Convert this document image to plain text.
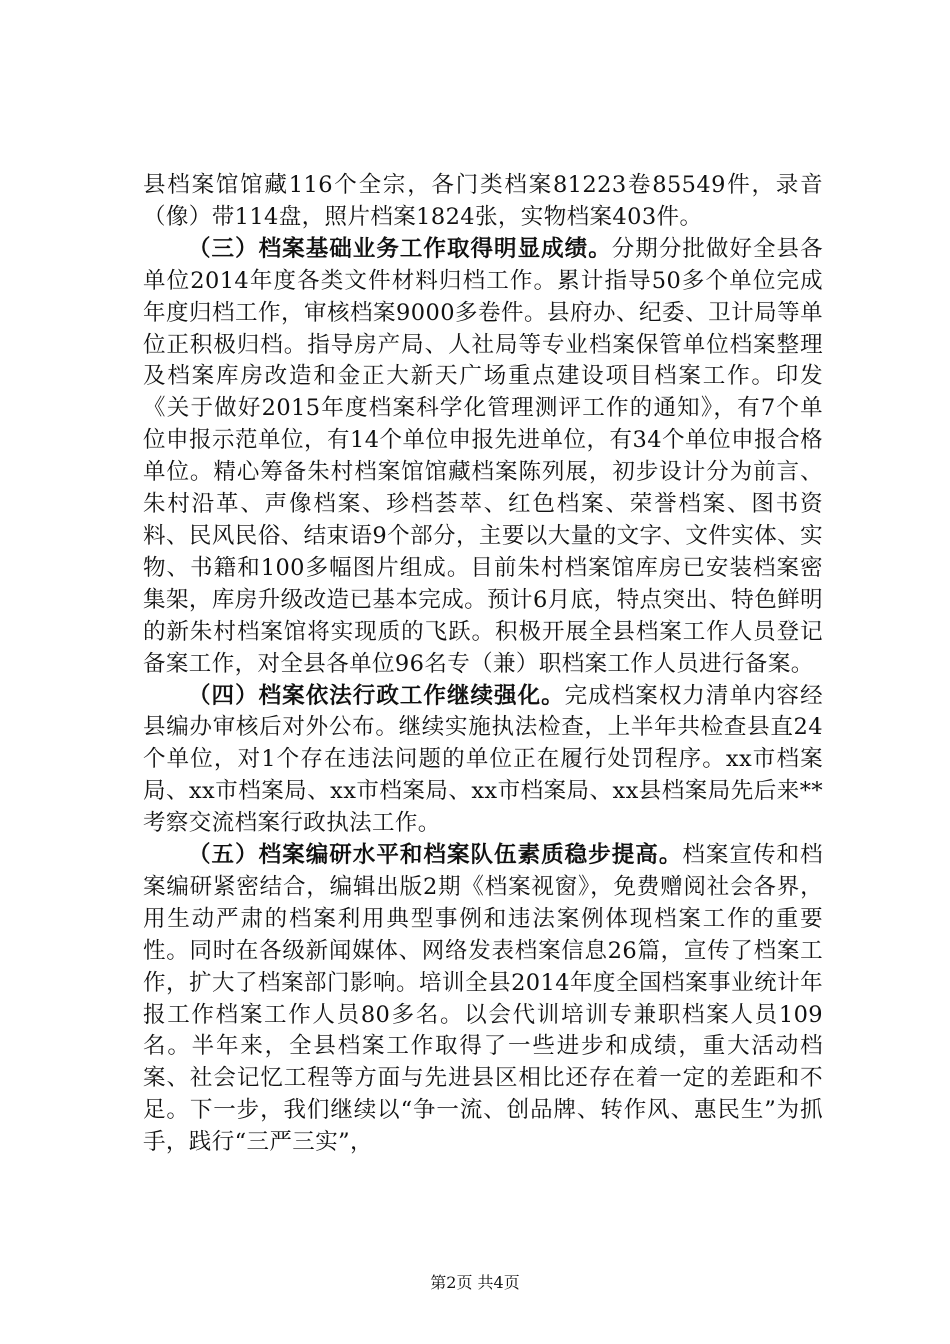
县档案馆馆藏116个全宗，各门类档案81223卷85549件，录音（像）带114盘，照片档案1824张，实物档案403件。

（三）档案基础业务工作取得明显成绩。分期分批做好全县各单位2014年度各类文件材料归档工作。累计指导50多个单位完成年度归档工作，审核档案9000多卷件。县府办、纪委、卫计局等单位正积极归档。指导房产局、人社局等专业档案保管单位档案整理及档案库房改造和金正大新天广场重点建设项目档案工作。印发《关于做好2015年度档案科学化管理测评工作的通知》，有7个单位申报示范单位，有14个单位申报先进单位，有34个单位申报合格单位。精心筹备朱村档案馆馆藏档案陈列展，初步设计分为前言、朱村沿革、声像档案、珍档荟萃、红色档案、荣誉档案、图书资料、民风民俗、结束语9个部分，主要以大量的文字、文件实体、实物、书籍和100多幅图片组成。目前朱村档案馆库房已安装档案密集架，库房升级改造已基本完成。预计6月底，特点突出、特色鲜明的新朱村档案馆将实现质的飞跃。积极开展全县档案工作人员登记备案工作，对全县各单位96名专（兼）职档案工作人员进行备案。

（四）档案依法行政工作继续强化。完成档案权力清单内容经县编办审核后对外公布。继续实施执法检查，上半年共检查县直24个单位，对1个存在违法问题的单位正在履行处罚程序。xx市档案局、xx市档案局、xx市档案局、xx市档案局、xx县档案局先后来**考察交流档案行政执法工作。

（五）档案编研水平和档案队伍素质稳步提高。档案宣传和档案编研紧密结合，编辑出版2期《档案视窗》，免费赠阅社会各界，用生动严肃的档案利用典型事例和违法案例体现档案工作的重要性。同时在各级新闻媒体、网络发表档案信息26篇，宣传了档案工作，扩大了档案部门影响。培训全县2014年度全国档案事业统计年报工作档案工作人员80多名。以会代训培训专兼职档案人员109名。半年来，全县档案工作取得了一些进步和成绩，重大活动档案、社会记忆工程等方面与先进县区相比还存在着一定的差距和不足。下一步，我们继续以“争一流、创品牌、转作风、惠民生”为抓手，践行“三严三实”，

第2页 共4页
